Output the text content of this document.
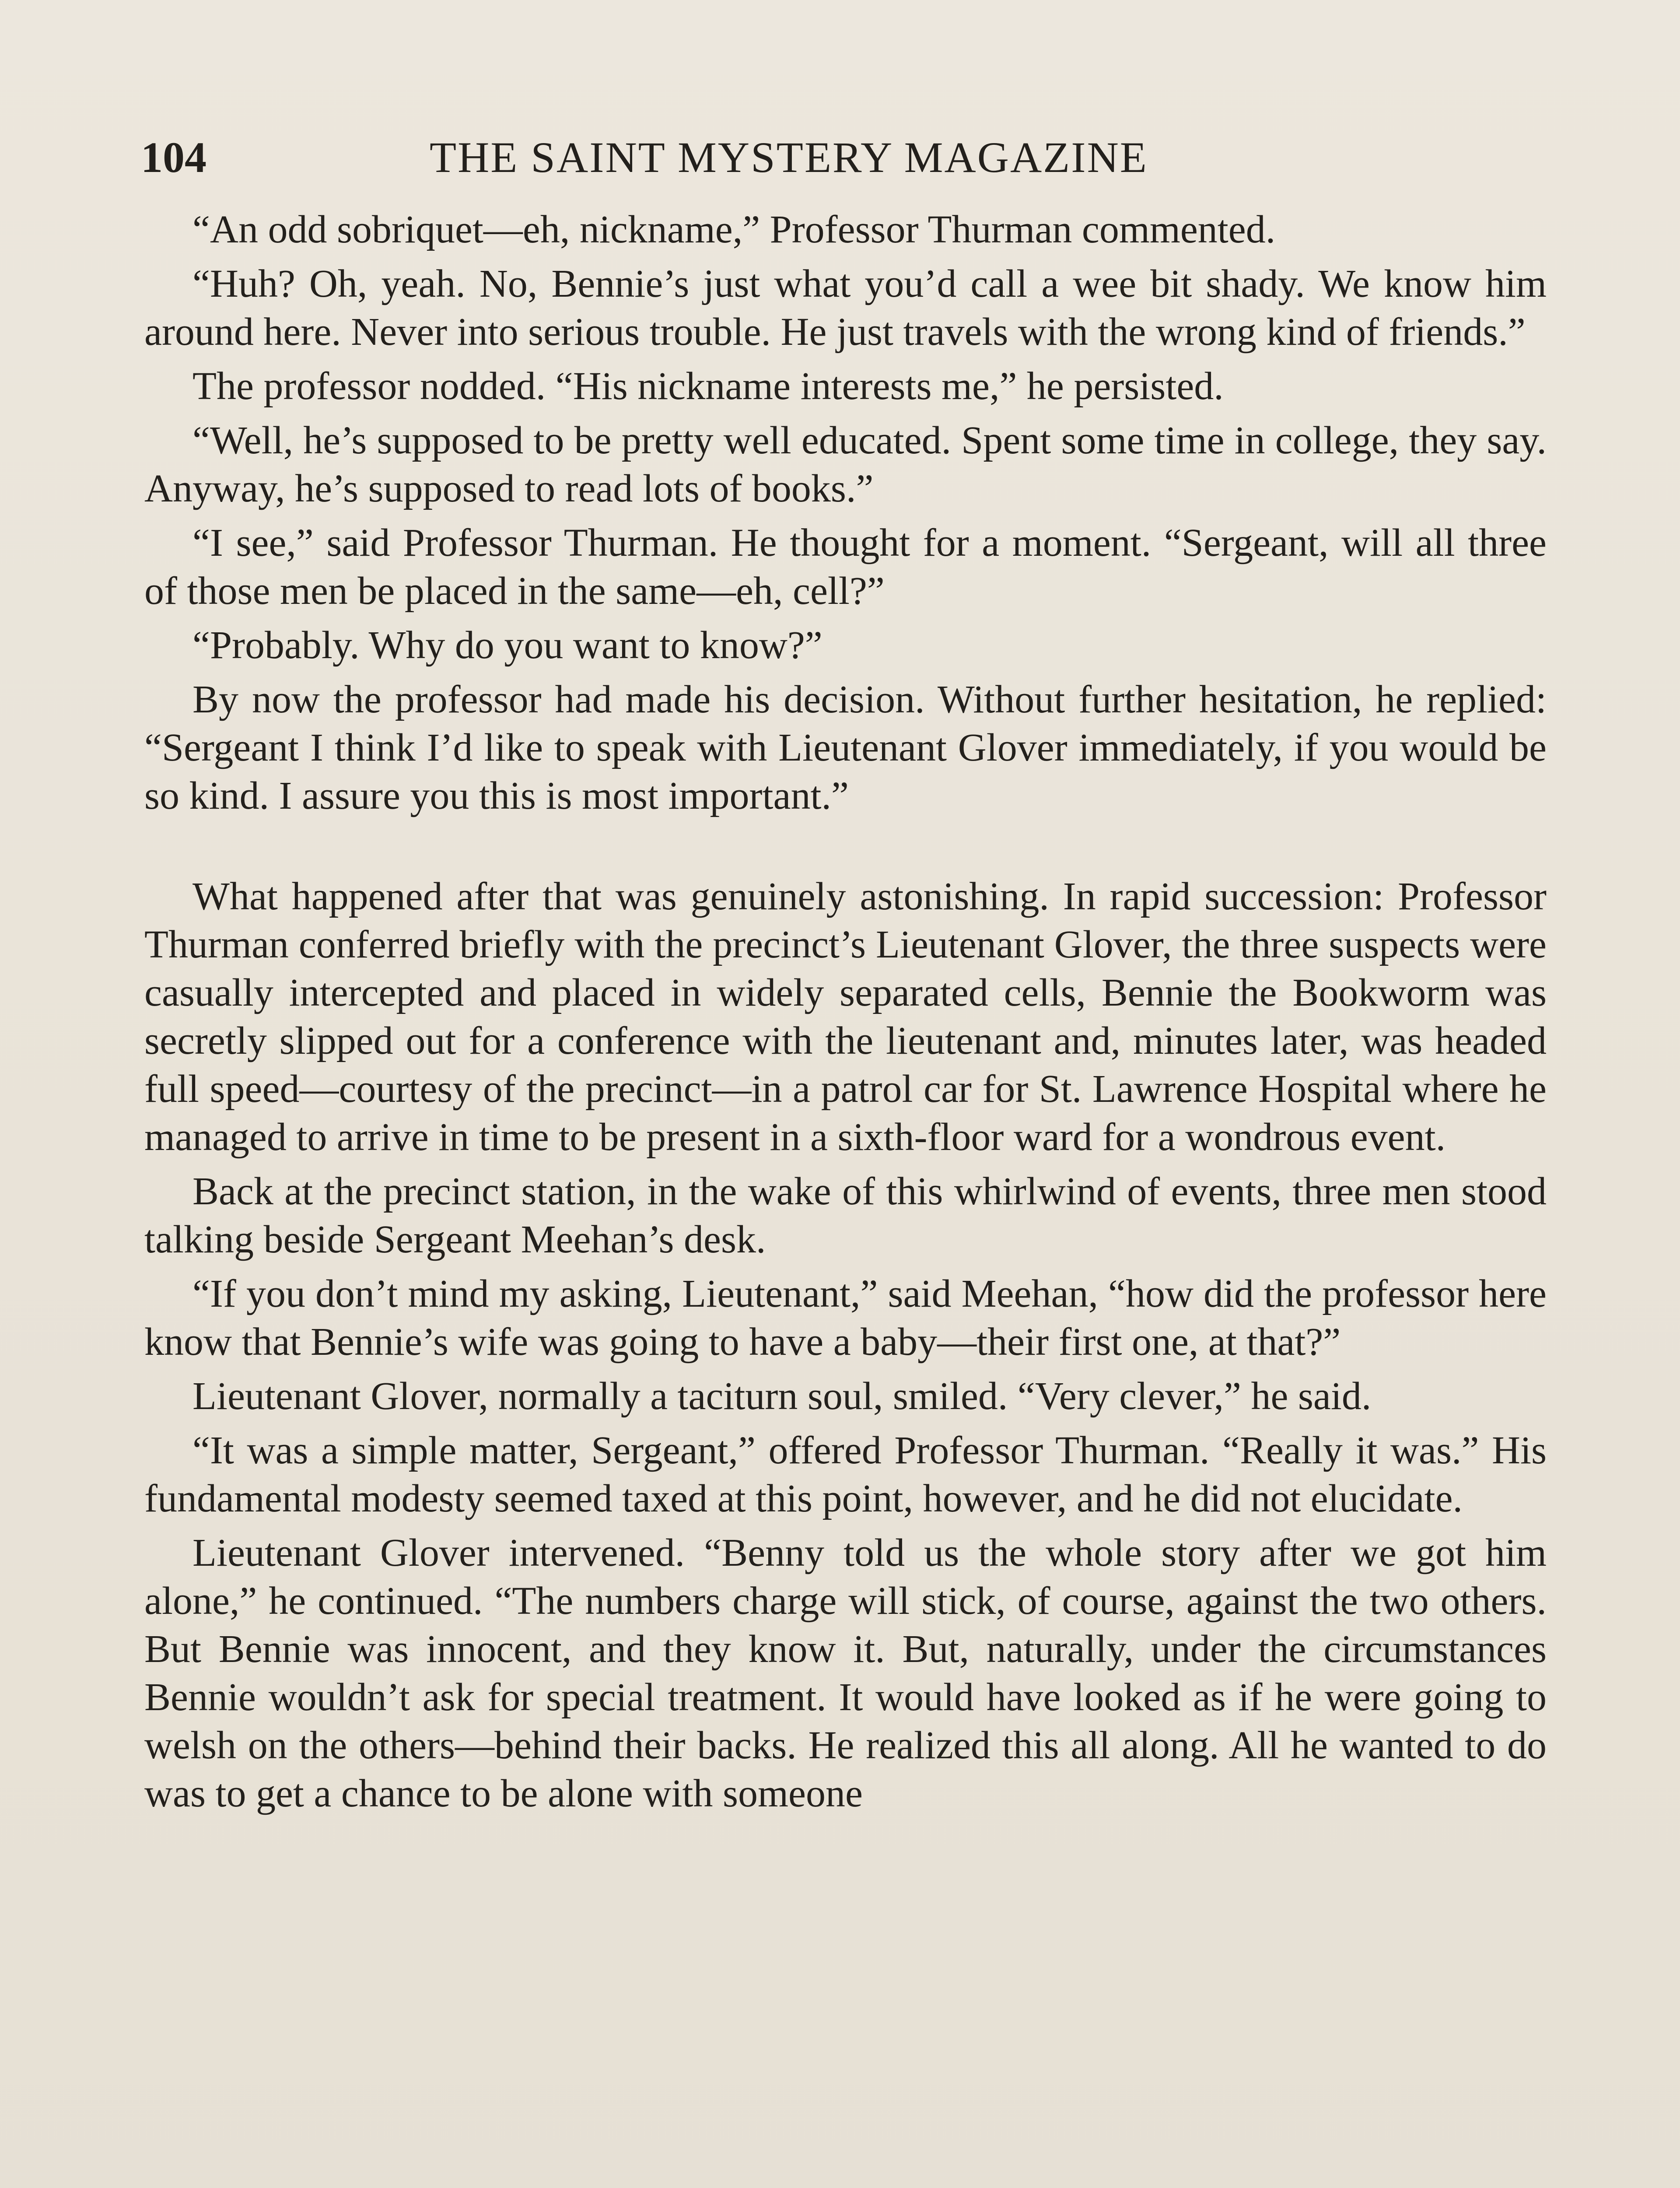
104	THE SAINT MYSTERY MAGAZINE

“An odd sobriquet—eh, nickname,” Professor Thurman commented.

“Huh? Oh, yeah. No, Bennie’s just what you’d call a wee bit shady. We know him around here. Never into serious trouble. He just travels with the wrong kind of friends.”

The professor nodded. “His nickname interests me,” he persisted.

“Well, he’s supposed to be pretty well educated. Spent some time in college, they say. Anyway, he’s supposed to read lots of books.”

“I see,” said Professor Thurman. He thought for a moment. “Sergeant, will all three of those men be placed in the same—eh, cell?”

“Probably. Why do you want to know?”

By now the professor had made his decision. Without further hesitation, he replied: “Sergeant I think I’d like to speak with Lieutenant Glover immediately, if you would be so kind. I assure you this is most important.”

What happened after that was genuinely astonishing. In rapid succession: Professor Thurman conferred briefly with the precinct’s Lieutenant Glover, the three suspects were casually intercepted and placed in widely separated cells, Bennie the Bookworm was secretly slipped out for a conference with the lieutenant and, minutes later, was headed full speed—courtesy of the precinct—in a patrol car for St. Lawrence Hospital where he managed to arrive in time to be present in a sixth-floor ward for a wondrous event.

Back at the precinct station, in the wake of this whirlwind of events, three men stood talking beside Sergeant Meehan’s desk.

“If you don’t mind my asking, Lieutenant,” said Meehan, “how did the professor here know that Bennie’s wife was going to have a baby—their first one, at that?”

Lieutenant Glover, normally a taciturn soul, smiled. “Very clever,” he said.

“It was a simple matter, Sergeant,” offered Professor Thurman. “Really it was.” His fundamental modesty seemed taxed at this point, however, and he did not elucidate.

Lieutenant Glover intervened. “Benny told us the whole story after we got him alone,” he continued. “The numbers charge will stick, of course, against the two others. But Bennie was innocent, and they know it. But, naturally, under the circumstances Bennie wouldn’t ask for special treatment. It would have looked as if he were going to welsh on the others—behind their backs. He realized this all along. All he wanted to do was to get a chance to be alone with someone
